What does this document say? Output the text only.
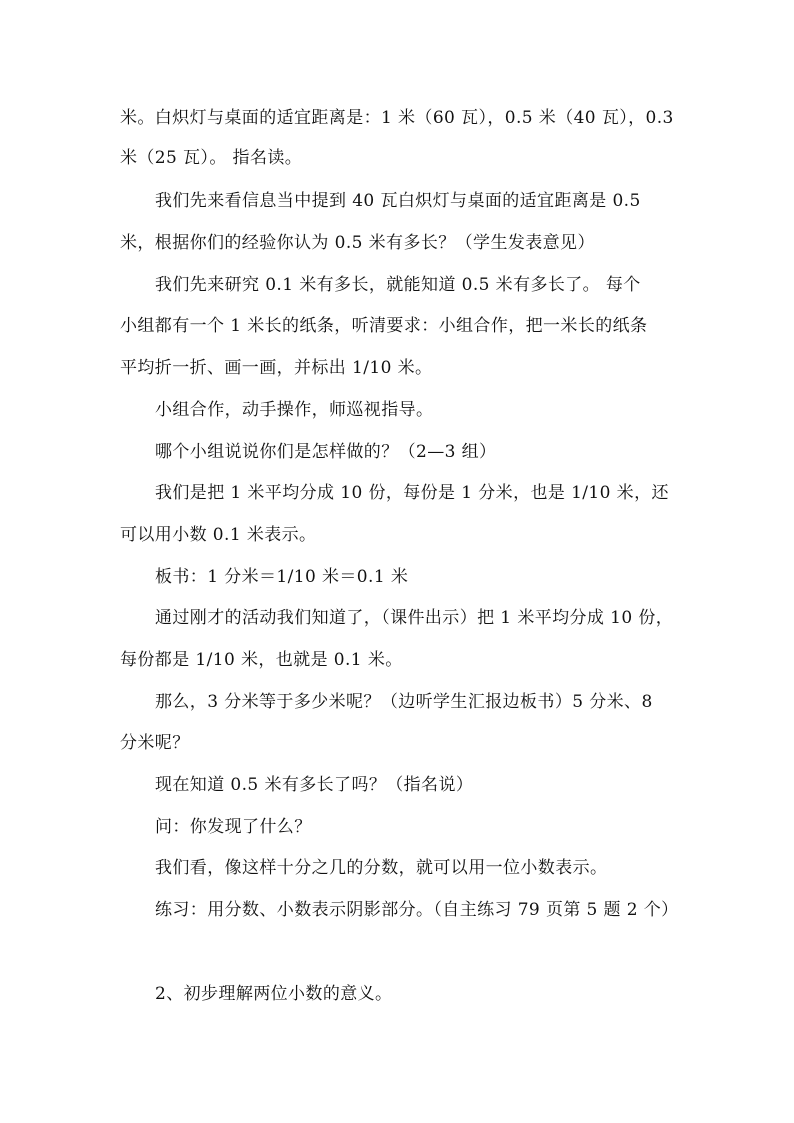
米。白炽灯与桌面的适宜距离是：1 米（60 瓦），0.5 米（40 瓦），0.3
米（25 瓦）。 指名读。
我们先来看信息当中提到 40 瓦白炽灯与桌面的适宜距离是 0.5
米，根据你们的经验你认为 0.5 米有多长？（学生发表意见）
我们先来研究 0.1 米有多长，就能知道 0.5 米有多长了。 每个
小组都有一个 1 米长的纸条，听清要求：小组合作，把一米长的纸条
平均折一折、画一画，并标出 1/10 米。
小组合作，动手操作，师巡视指导。
哪个小组说说你们是怎样做的？（2—3 组）
我们是把 1 米平均分成 10 份，每份是 1 分米，也是 1/10 米，还
可以用小数 0.1 米表示。
板书：1 分米＝1/10 米＝0.1 米
通过刚才的活动我们知道了，（课件出示）把 1 米平均分成 10 份，
每份都是 1/10 米，也就是 0.1 米。
那么，3 分米等于多少米呢？（边听学生汇报边板书）5 分米、8
分米呢？
现在知道 0.5 米有多长了吗？（指名说）
问：你发现了什么？
我们看，像这样十分之几的分数，就可以用一位小数表示。
练习：用分数、小数表示阴影部分。（自主练习 79 页第 5 题 2 个）
2、初步理解两位小数的意义。
